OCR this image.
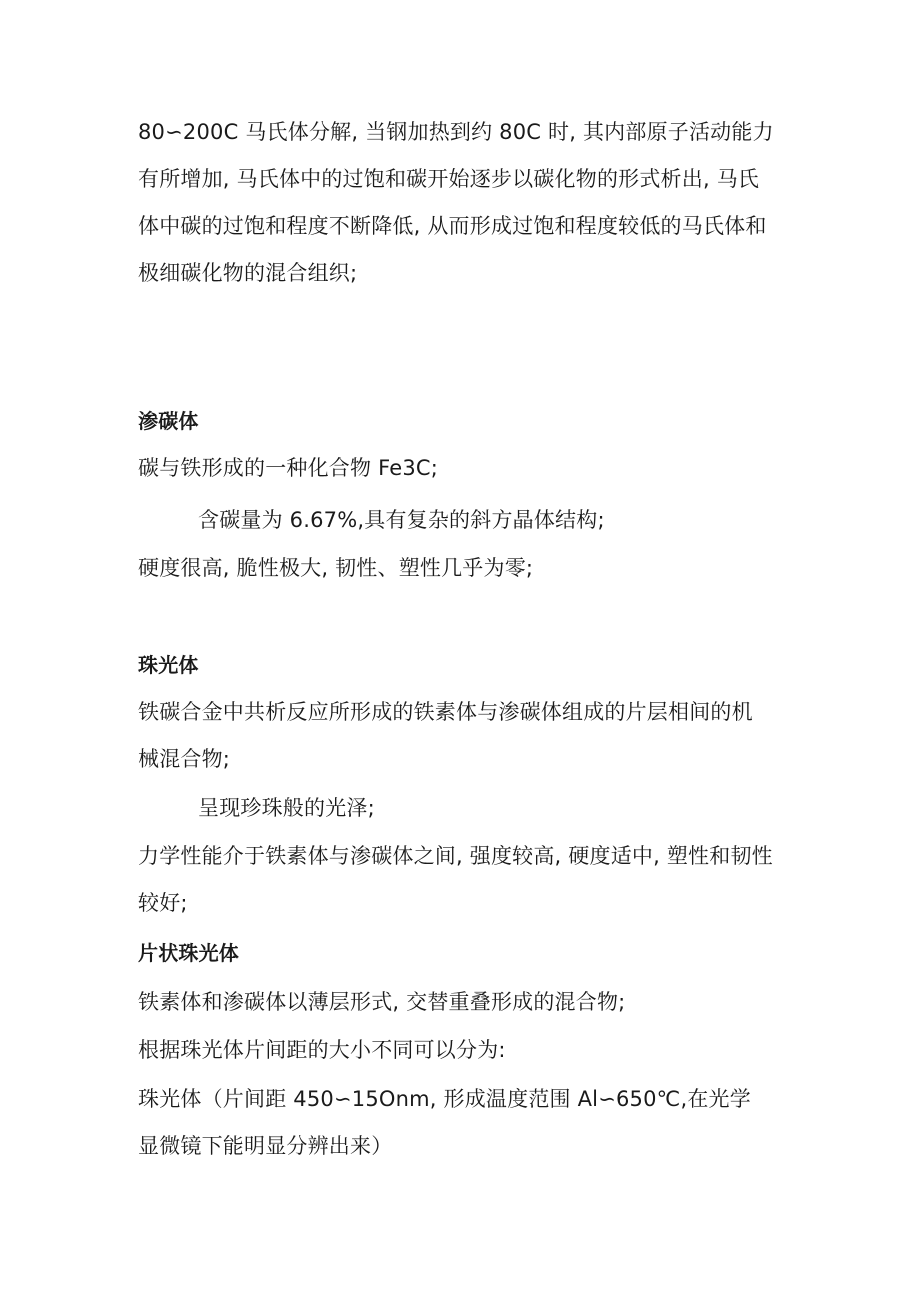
80∽200C 马氏体分解, 当钢加热到约 80C 时, 其内部原子活动能力
有所增加, 马氏体中的过饱和碳开始逐步以碳化物的形式析出, 马氏
体中碳的过饱和程度不断降低, 从而形成过饱和程度较低的马氏体和
极细碳化物的混合组织;
渗碳体
碳与铁形成的一种化合物 Fe3C;
含碳量为 6.67%,具有复杂的斜方晶体结构;
硬度很高, 脆性极大, 韧性、塑性几乎为零;
珠光体
铁碳合金中共析反应所形成的铁素体与渗碳体组成的片层相间的机
械混合物;
呈现珍珠般的光泽;
力学性能介于铁素体与渗碳体之间, 强度较高, 硬度适中, 塑性和韧性
较好;
片状珠光体
铁素体和渗碳体以薄层形式, 交替重叠形成的混合物;
根据珠光体片间距的大小不同可以分为:
珠光体（片间距 450∽15Onm, 形成温度范围 Al∽650℃,在光学
显微镜下能明显分辨出来）
